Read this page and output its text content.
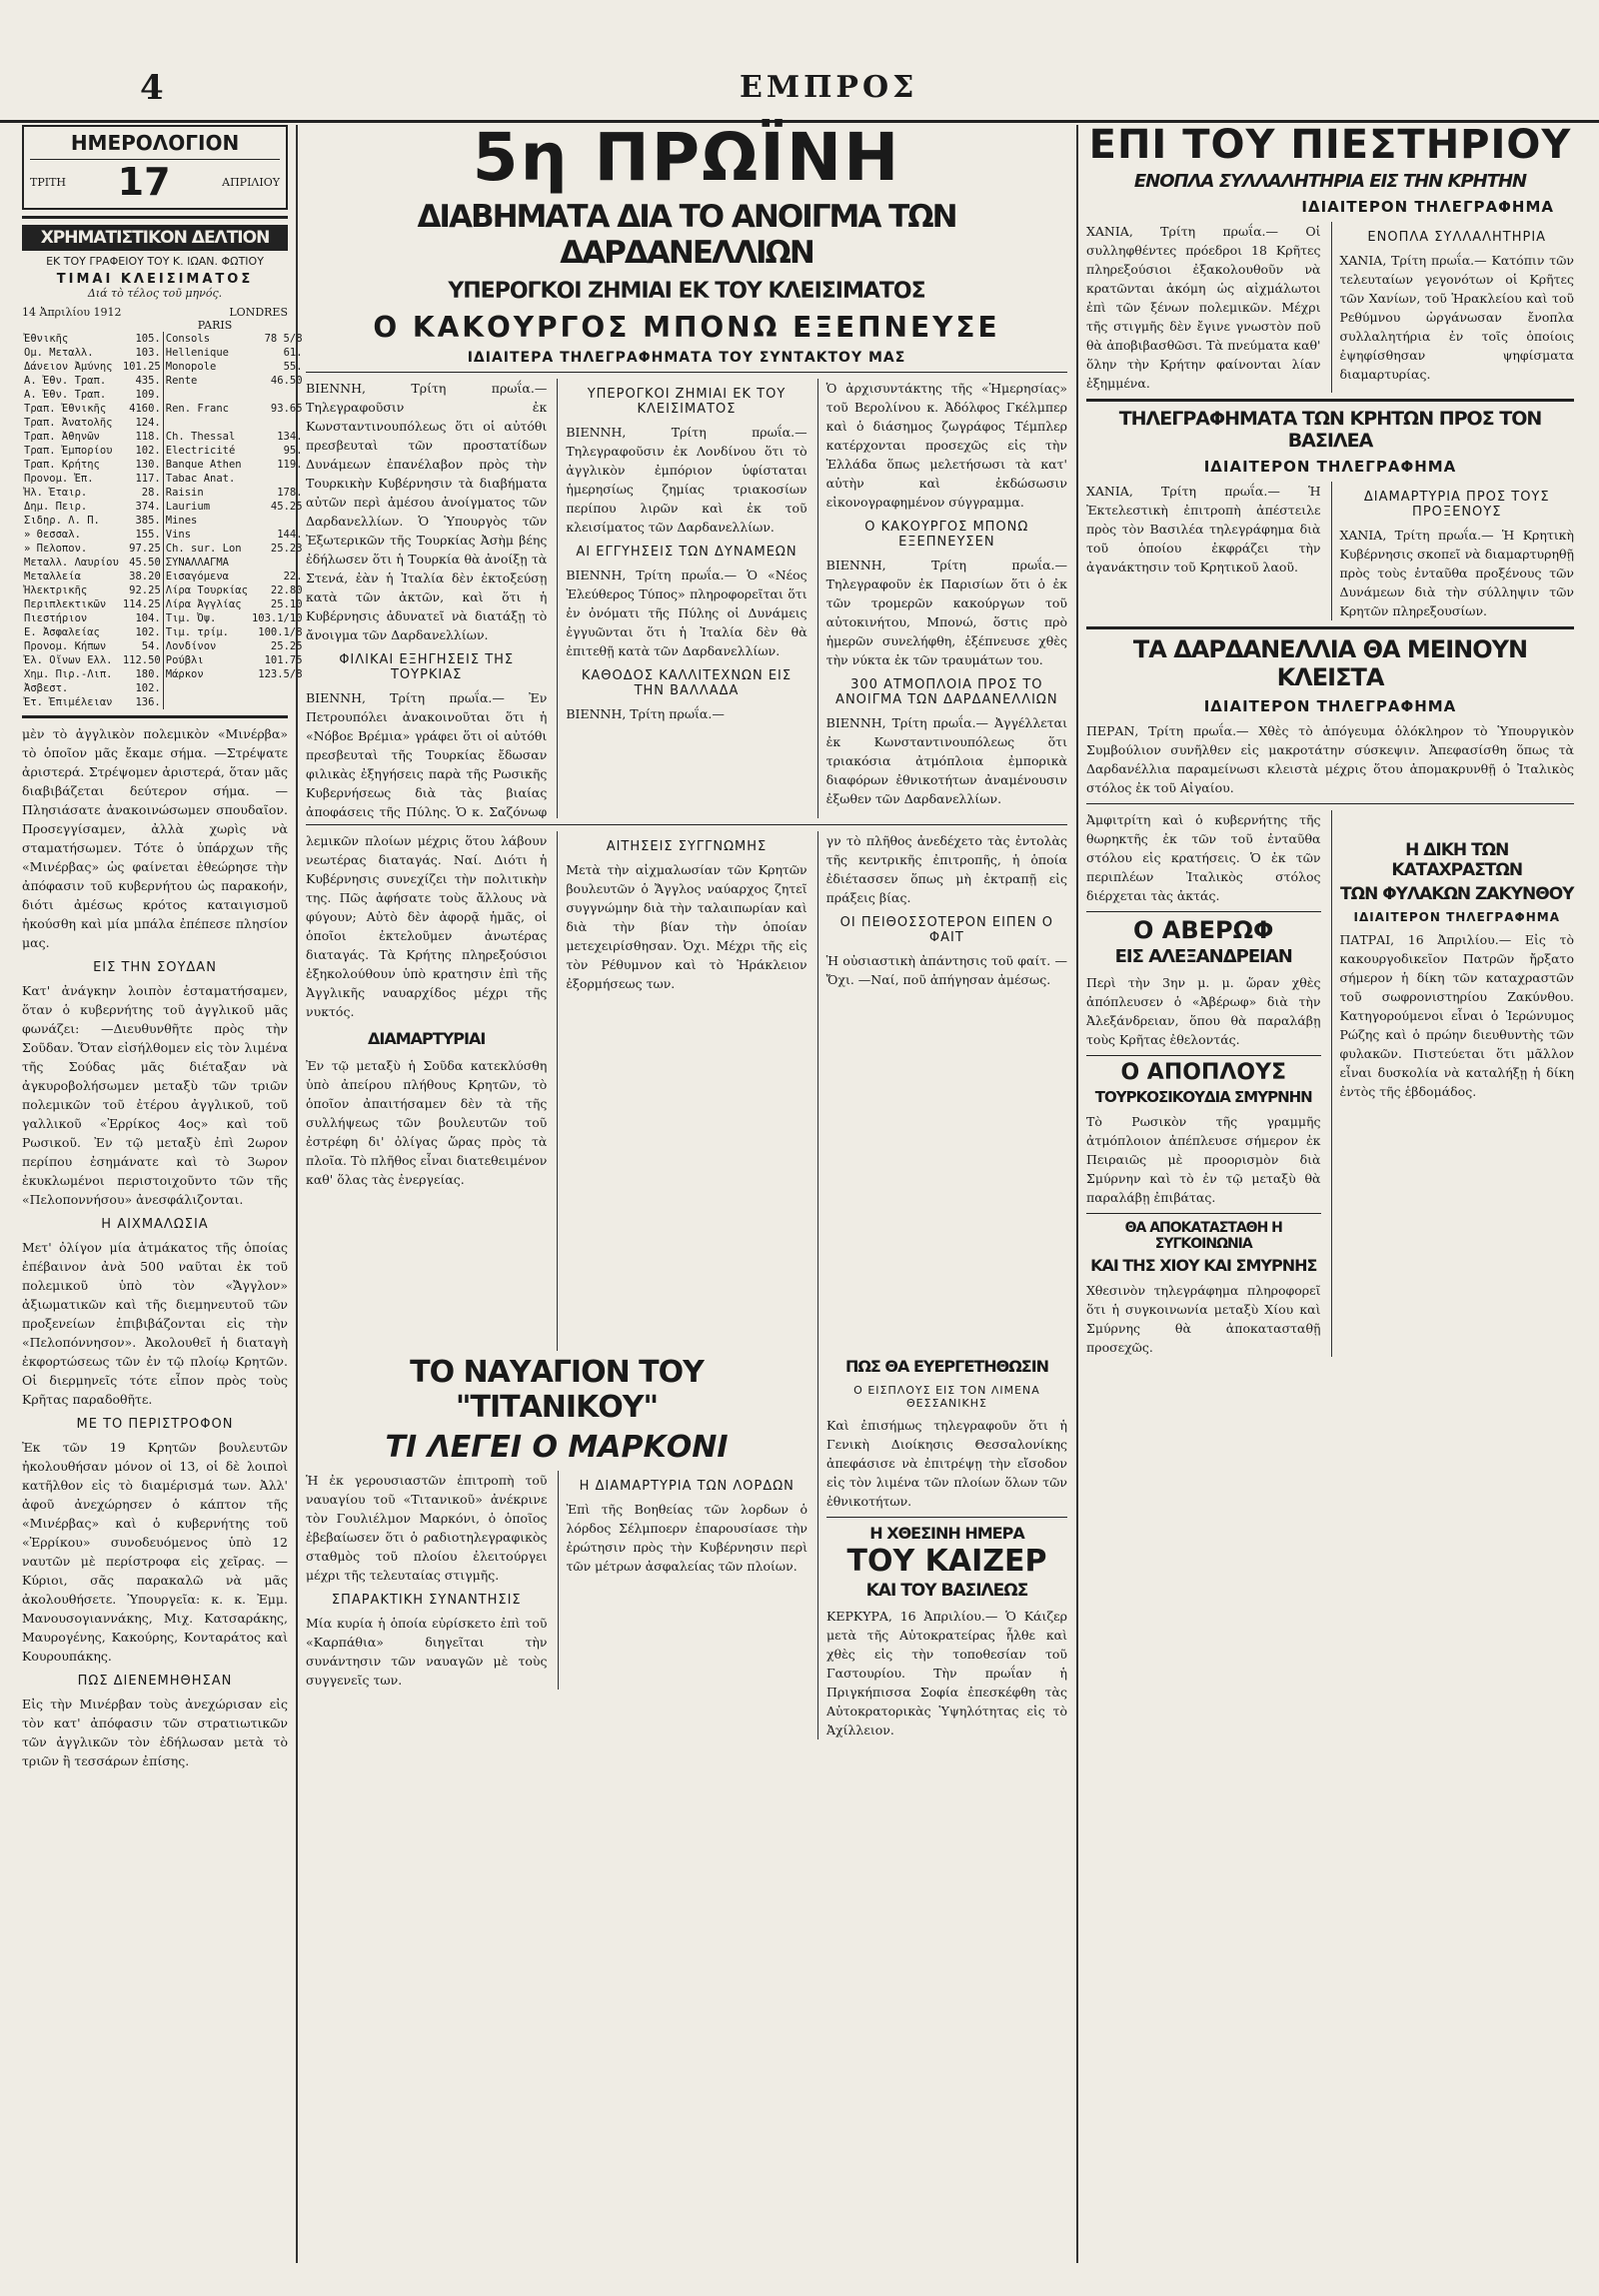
4	ΕΜΠΡΟΣ
ΗΜΕΡΟΛΟΓΙΟΝ
ΤΡΙΤΗ 17	ΑΠΡΙΛΙΟΥ
ΧΡΗΜΑΤΙΣΤΙΚΟΝ ΔΕΛΤΙΟΝ
ΕΚ ΤΟΥ ΓΡΑΦΕΙΟΥ ΤΟΥ Κ. ΙΩΑΝ. ΦΩΤΙΟΥ
ΤΙΜΑΙ ΚΛΕΙΣΙΜΑΤΟΣ
Διά τὸ τέλος τοῦ μηνός.
14 Ἀπριλίου 1912	LONDRES
PARIS
Ἐθνικῆς	105.	Consols	78 5/8
Ομ. Μεταλλ.	103.	Hellenique	61.
Δάνειον Ἀμύνης	101.25	Monopole	55.
Α. Ἐθν. Τραπ.	435.	Rente	46.50
Α. Ἐθν. Τραπ.	109.		
Τραπ. Ἐθνικῆς	4160.	Ren. Franc	93.65
Τραπ. Ἀνατολῆς	124.		
Τραπ. Ἀθηνῶν	118.	Ch. Thessal	134.
Τραπ. Ἐμπορίου	102.	Electricité	95.
Τραπ. Κρήτης	130.	Banque Athen	119.
Προνομ. Ἐπ.	117.	Tabac Anat.	
Ἠλ. Ἑταιρ.	28.	Raisin	178.
Δημ. Πειρ.	374.	Laurium	45.25
Σιδηρ. Λ. Π.	385.	Mines	
» Θεσσαλ.	155.	Vins	144.
» Πελοπον.	97.25	Ch. sur. Lon	25.23
Μεταλλ. Λαυρίου	45.50	ΣΥΝΑΛΛΑΓΜΑ	
Μεταλλεία	38.20	Εισαγόμενα	22.
Ἠλεκτρικῆς	92.25	Λίρα Τουρκίας	22.80
Περιπλεκτικῶν	114.25	Λίρα Ἀγγλίας	25.10
Πιεστήριον	104.	Τιμ. Ὀψ.	103.1/10
Ε. Ἀσφαλείας	102.	Τιμ. τρίμ.	100.1/8
Προνομ. Κήπων	54.	Λονδίνον	25.25
Ἐλ. Οἴνων Ελλ.	112.50	Ρούβλι	101.75
Χημ. Πιρ.-Λιπ.	180.	Μάρκον	123.5/8
Ἀσβεστ.	102.		
Ἐτ. Ἐπιμέλειαν	136.		

μὲν τὸ ἀγγλικὸν πολεμικὸν «Μινέρβα» τὸ ὁποῖον μᾶς ἔκαμε σήμα. —Στρέψατε ἀριστερά. Στρέψομεν ἀριστερά, ὅταν μᾶς διαβιβάζεται δεύτερον σήμα. —Πλησιάσατε ἀνακοινώσωμεν σπουδαῖον. Προσεγγίσαμεν, ἀλλὰ χωρὶς νὰ σταματήσωμεν. Τότε ὁ ὑπάρχων τῆς «Μινέρβας» ὡς φαίνεται ἐθεώρησε τὴν ἀπόφασιν τοῦ κυβερνήτου ὡς παρακοήν, διότι ἀμέσως κρότος καταιγισμοῦ ἠκούσθη καὶ μία μπάλα ἐπέπεσε πλησίον μας.

ΕΙΣ ΤΗΝ ΣΟΥΔΑΝ

Κατ' ἀνάγκην λοιπὸν ἐσταματήσαμεν, ὅταν ὁ κυβερνήτης τοῦ ἀγγλικοῦ μᾶς φωνάζει: —Διευθυνθῆτε πρὸς τὴν Σοῦδαν. Ὅταν εἰσήλθομεν εἰς τὸν λιμένα τῆς Σούδας μᾶς διέταξαν νὰ ἀγκυροβολήσωμεν μεταξὺ τῶν τριῶν πολεμικῶν τοῦ ἐτέρου ἀγγλικοῦ, τοῦ γαλλικοῦ «Ἐρρίκος 4ος» καὶ τοῦ Ρωσικοῦ. Ἐν τῷ μεταξὺ ἐπὶ 2ωρον περίπου ἐσημάνατε καὶ τὸ 3ωρον ἐκυκλωμένοι περιστοιχοῦντο τῶν τῆς «Πελοποννήσου» ἀνεσφάλιζονται.

Η ΑΙΧΜΑΛΩΣΙΑ

Μετ' ὀλίγον μία ἀτμάκατος τῆς ὁποίας ἐπέβαινον ἀνὰ 500 ναῦται ἐκ τοῦ πολεμικοῦ ὑπὸ τὸν «Ἄγγλον» ἀξιωματικῶν καὶ τῆς διεμηνευτοῦ τῶν προξενείων ἐπιβιβάζονται εἰς τὴν «Πελοπόννησον». Ἀκολουθεῖ ἡ διαταγὴ ἐκφορτώσεως τῶν ἐν τῷ πλοίῳ Κρητῶν. Οἱ διερμηνεῖς τότε εἶπον πρὸς τοὺς Κρῆτας παραδοθῆτε.

ΜΕ ΤΟ ΠΕΡΙΣΤΡΟΦΟΝ

Ἐκ τῶν 19 Κρητῶν βουλευτῶν ἠκολουθήσαν μόνον οἱ 13, οἱ δὲ λοιποὶ κατῆλθον εἰς τὸ διαμέρισμά των. Ἀλλ' ἀφοῦ ἀνεχώρησεν ὁ κάπτον τῆς «Μινέρβας» καὶ ὁ κυβερνήτης τοῦ «Ἐρρίκου» συνοδευόμενος ὑπὸ 12 ναυτῶν μὲ περίστροφα εἰς χεῖρας. —Κύριοι, σᾶς παρακαλῶ νὰ μᾶς ἀκολουθήσετε. Ὑπουργεῖα: κ. κ. Ἐμμ. Μανουσογιαννάκης, Μιχ. Κατσαράκης, Μαυρογένης, Κακούρης, Κονταράτος καὶ Κουρουπάκης.

ΠΩΣ ΔΙΕΝΕΜΗΘΗΣΑΝ

Εἰς τὴν Μινέρβαν τοὺς ἀνεχώρισαν εἰς τὸν κατ' ἀπόφασιν τῶν στρατιωτικῶν τῶν ἀγγλικῶν τὸν ἐδήλωσαν μετὰ τὸ τριῶν ἢ τεσσάρων ἐπίσης.

5η ΠΡΩΪΝΗ
ΔΙΑΒΗΜΑΤΑ ΔΙΑ ΤΟ ΑΝΟΙΓΜΑ ΤΩΝ ΔΑΡΔΑΝΕΛΛΙΩΝ
ΥΠΕΡΟΓΚΟΙ ΖΗΜΙΑΙ ΕΚ ΤΟΥ ΚΛΕΙΣΙΜΑΤΟΣ
Ο ΚΑΚΟΥΡΓΟΣ ΜΠΟΝΩ ΕΞΕΠΝΕΥΣΕ
ΙΔΙΑΙΤΕΡΑ ΤΗΛΕΓΡΑΦΗΜΑΤΑ ΤΟΥ ΣΥΝΤΑΚΤΟΥ ΜΑΣ

ΒΙΕΝΝΗ, Τρίτη πρωΐα.— Τηλεγραφοῦσιν ἐκ Κωνσταντινουπόλεως ὅτι οἱ αὐτόθι πρεσβευταὶ τῶν προστατίδων Δυνάμεων ἐπανέλαβον πρὸς τὴν Τουρκικὴν Κυβέρνησιν τὰ διαβήματα αὐτῶν περὶ ἀμέσου ἀνοίγματος τῶν Δαρδανελλίων. Ὁ Ὑπουργὸς τῶν Ἐξωτερικῶν τῆς Τουρκίας Ἀσὴμ βέης ἐδήλωσεν ὅτι ἡ Τουρκία θὰ ἀνοίξῃ τὰ Στενά, ἐὰν ἡ Ἰταλία δὲν ἐκτοξεύσῃ κατὰ τῶν ἀκτῶν, καὶ ὅτι ἡ Κυβέρνησις ἀδυνατεῖ νὰ διατάξῃ τὸ ἄνοιγμα τῶν Δαρδανελλίων.

ΦΙΛΙΚΑΙ ΕΞΗΓΗΣΕΙΣ ΤΗΣ ΤΟΥΡΚΙΑΣ

ΒΙΕΝΝΗ, Τρίτη πρωΐα.— Ἐν Πετρουπόλει ἀνακοινοῦται ὅτι ἡ «Νόβοε Βρέμια» γράφει ὅτι οἱ αὐτόθι πρεσβευταὶ τῆς Τουρκίας ἔδωσαν φιλικὰς ἐξηγήσεις παρὰ τῆς Ρωσικῆς Κυβερνήσεως διὰ τὰς βιαίας ἀποφάσεις τῆς Πύλης. Ὁ κ. Σαζόνωφ

ΥΠΕΡΟΓΚΟΙ ΖΗΜΙΑΙ ΕΚ ΤΟΥ ΚΛΕΙΣΙΜΑΤΟΣ

ΒΙΕΝΝΗ, Τρίτη πρωΐα.— Τηλεγραφοῦσιν ἐκ Λονδίνου ὅτι τὸ ἀγγλικὸν ἐμπόριον ὑφίσταται ἡμερησίως ζημίας τριακοσίων περίπου λιρῶν καὶ ἐκ τοῦ κλεισίματος τῶν Δαρδανελλίων.

ΑΙ ΕΓΓΥΗΣΕΙΣ ΤΩΝ ΔΥΝΑΜΕΩΝ

ΒΙΕΝΝΗ, Τρίτη πρωΐα.— Ὁ «Νέος Ἐλεύθερος Τύπος» πληροφορεῖται ὅτι ἐν ὀνόματι τῆς Πύλης οἱ Δυνάμεις ἐγγυῶνται ὅτι ἡ Ἰταλία δὲν θὰ ἐπιτεθῇ κατὰ τῶν Δαρδανελλίων.

ΚΑΘΟΔΟΣ ΚΑΛΛΙΤΕΧΝΩΝ ΕΙΣ ΤΗΝ ΒΑΛΛΑΔΑ

ΒΙΕΝΝΗ, Τρίτη πρωΐα.—

Ὁ ἀρχισυντάκτης τῆς «Ἡμερησίας» τοῦ Βερολίνου κ. Ἀδόλφος Γκέλμπερ καὶ ὁ διάσημος ζωγράφος Τέμπλερ κατέρχονται προσεχῶς εἰς τὴν Ἑλλάδα ὅπως μελετήσωσι τὰ κατ' αὐτὴν καὶ ἐκδώσωσιν εἰκονογραφημένον σύγγραμμα.

Ο ΚΑΚΟΥΡΓΟΣ ΜΠΟΝΩ ΕΞΕΠΝΕΥΣΕΝ

ΒΙΕΝΝΗ, Τρίτη πρωΐα.— Τηλεγραφοῦν ἐκ Παρισίων ὅτι ὁ ἐκ τῶν τρομερῶν κακούργων τοῦ αὐτοκινήτου, Μπονώ, ὅστις πρὸ ἡμερῶν συνελήφθη, ἐξέπνευσε χθὲς τὴν νύκτα ἐκ τῶν τραυμάτων του.

300 ΑΤΜΟΠΛΟΙΑ ΠΡΟΣ ΤΟ ΑΝΟΙΓΜΑ ΤΩΝ ΔΑΡΔΑΝΕΛΛΙΩΝ

ΒΙΕΝΝΗ, Τρίτη πρωΐα.— Ἀγγέλλεται ἐκ Κωνσταντινουπόλεως ὅτι τριακόσια ἀτμόπλοια ἐμπορικὰ διαφόρων ἐθνικοτήτων ἀναμένουσιν ἐξωθεν τῶν Δαρδανελλίων.

λεμικῶν πλοίων μέχρις ὅτου λάβουν νεωτέρας διαταγάς. Ναί. Διότι ἡ Κυβέρνησις συνεχίζει τὴν πολιτικὴν της. Πῶς ἀφήσατε τοὺς ἄλλους νὰ φύγουν; Αὐτὸ δὲν ἀφορᾷ ἡμᾶς, οἱ ὁποῖοι ἐκτελοῦμεν ἀνωτέρας διαταγάς. Τὰ Κρήτης πληρεξούσιοι ἐξηκολούθουν ὑπὸ κρατησιν ἐπὶ τῆς Ἀγγλικῆς ναυαρχίδος μέχρι τῆς νυκτός.

ΔΙΑΜΑΡΤΥΡΙΑΙ

Ἐν τῷ μεταξὺ ἡ Σοῦδα κατεκλύσθη ὑπὸ ἀπείρου πλήθους Κρητῶν, τὸ ὁποῖον ἀπαιτήσαμεν δὲν τὰ τῆς συλλήψεως τῶν βουλευτῶν τοῦ ἐστρέφη δι' ὀλίγας ὥρας πρὸς τὰ πλοῖα. Τὸ πλῆθος εἶναι διατεθειμένον καθ' ὅλας τὰς ἐνεργείας.

ΑΙΤΗΣΕΙΣ ΣΥΓΓΝΩΜΗΣ

Μετὰ τὴν αἰχμαλωσίαν τῶν Κρητῶν βουλευτῶν ὁ Ἄγγλος ναύαρχος ζητεῖ συγγνώμην διὰ τὴν ταλαιπωρίαν καὶ διὰ τὴν βίαν τὴν ὁποίαν μετεχειρίσθησαν. Ὀχι. Μέχρι τῆς εἰς τὸν Ρέθυμνον καὶ τὸ Ἡράκλειον ἐξορμήσεως των.

γν τὸ πλῆθος ἀνεδέχετο τὰς ἐντολὰς τῆς κεντρικῆς ἐπιτροπῆς, ἡ ὁποία ἐδιέτασσεν ὅπως μὴ ἐκτραπῇ εἰς πράξεις βίας.

ΟΙ ΠΕΙΘΟΣΣΟΤΕΡΟΝ ΕΙΠΕΝ Ο ΦΑΙΤ

Ἡ οὐσιαστικὴ ἀπάντησις τοῦ φαίτ. —Ὄχι. —Ναί, ποῦ ἀπήγησαν ἀμέσως.

ΤΟ ΝΑΥΑΓΙΟΝ ΤΟΥ "ΤΙΤΑΝΙΚΟΥ"
ΤΙ ΛΕΓΕΙ Ο ΜΑΡΚΟΝΙ

Ἡ ἐκ γερουσιαστῶν ἐπιτροπὴ τοῦ ναυαγίου τοῦ «Τιτανικοῦ» ἀνέκρινε τὸν Γουλιέλμον Μαρκόνι, ὁ ὁποῖος ἐβεβαίωσεν ὅτι ὁ ραδιοτηλεγραφικὸς σταθμὸς τοῦ πλοίου ἐλειτούργει μέχρι τῆς τελευταίας στιγμῆς.

ΣΠΑΡΑΚΤΙΚΗ ΣΥΝΑΝΤΗΣΙΣ

Μία κυρία ἡ ὁποία εὑρίσκετο ἐπὶ τοῦ «Καρπάθια» διηγεῖται τὴν συνάντησιν τῶν ναυαγῶν μὲ τοὺς συγγενεῖς των.

Η ΔΙΑΜΑΡΤΥΡΙΑ ΤΩΝ ΛΟΡΔΩΝ

Ἐπὶ τῆς Βοηθείας τῶν λορδων ὁ λόρδος Σέλμποερν ἐπαρουσίασε τὴν ἐρώτησιν πρὸς τὴν Κυβέρνησιν περὶ τῶν μέτρων ἀσφαλείας τῶν πλοίων.

ΠΩΣ ΘΑ ΕΥΕΡΓΕΤΗΘΩΣΙΝ
Ο ΕΙΣΠΛΟΥΣ ΕΙΣ ΤΟΝ ΛΙΜΕΝΑ ΘΕΣΣΑΝΙΚΗΣ

Καὶ ἐπισήμως τηλεγραφοῦν ὅτι ἡ Γενικὴ Διοίκησις Θεσσαλονίκης ἀπεφάσισε νὰ ἐπιτρέψῃ τὴν εἴσοδον εἰς τὸν λιμένα τῶν πλοίων ὅλων τῶν ἐθνικοτήτων.

Η ΧΘΕΣΙΝΗ ΗΜΕΡΑ
ΤΟΥ ΚΑΙΖΕΡ
ΚΑΙ ΤΟΥ ΒΑΣΙΛΕΩΣ

ΚΕΡΚΥΡΑ, 16 Ἀπριλίου.— Ὁ Κάιζερ μετὰ τῆς Αὐτοκρατείρας ἦλθε καὶ χθὲς εἰς τὴν τοποθεσίαν τοῦ Γαστουρίου. Τὴν πρωΐαν ἡ Πριγκήπισσα Σοφία ἐπεσκέφθη τὰς Αὐτοκρατορικὰς Ὑψηλότητας εἰς τὸ Ἀχίλλειον.

ΕΠΙ ΤΟΥ ΠΙΕΣΤΗΡΙΟΥ
ΕΝΟΠΛΑ ΣΥΛΛΑΛΗΤΗΡΙΑ ΕΙΣ ΤΗΝ ΚΡΗΤΗΝ
ΙΔΙΑΙΤΕΡΟΝ ΤΗΛΕΓΡΑΦΗΜΑ

ΧΑΝΙΑ, Τρίτη πρωΐα.— Οἱ συλληφθέντες πρόεδροι 18 Κρῆτες πληρεξούσιοι ἐξακολουθοῦν νὰ κρατῶνται ἀκόμη ὡς αἰχμάλωτοι ἐπὶ τῶν ξένων πολεμικῶν. Μέχρι τῆς στιγμῆς δὲν ἔγινε γνωστὸν ποῦ θὰ ἀποβιβασθῶσι. Τὰ πνεύματα καθ' ὅλην τὴν Κρήτην φαίνονται λίαν ἐξημμένα.

ΕΝΟΠΛΑ ΣΥΛΛΑΛΗΤΗΡΙΑ

ΧΑΝΙΑ, Τρίτη πρωΐα.— Κατόπιν τῶν τελευταίων γεγονότων οἱ Κρῆτες τῶν Χανίων, τοῦ Ἡρακλείου καὶ τοῦ Ρεθύμνου ὠργάνωσαν ἔνοπλα συλλαλητήρια ἐν τοῖς ὁποίοις ἐψηφίσθησαν ψηφίσματα διαμαρτυρίας.

ΤΗΛΕΓΡΑΦΗΜΑΤΑ ΤΩΝ ΚΡΗΤΩΝ ΠΡΟΣ ΤΟΝ ΒΑΣΙΛΕΑ
ΙΔΙΑΙΤΕΡΟΝ ΤΗΛΕΓΡΑΦΗΜΑ

ΧΑΝΙΑ, Τρίτη πρωΐα.— Ἡ Ἐκτελεστικὴ ἐπιτροπὴ ἀπέστειλε πρὸς τὸν Βασιλέα τηλεγράφημα διὰ τοῦ ὁποίου ἐκφράζει τὴν ἀγανάκτησιν τοῦ Κρητικοῦ λαοῦ.

ΔΙΑΜΑΡΤΥΡΙΑ ΠΡΟΣ ΤΟΥΣ ΠΡΟΞΕΝΟΥΣ

ΧΑΝΙΑ, Τρίτη πρωΐα.— Ἡ Κρητικὴ Κυβέρνησις σκοπεῖ νὰ διαμαρτυρηθῇ πρὸς τοὺς ἐνταῦθα προξένους τῶν Δυνάμεων διὰ τὴν σύλληψιν τῶν Κρητῶν πληρεξουσίων.

ΤΑ ΔΑΡΔΑΝΕΛΛΙΑ ΘΑ ΜΕΙΝΟΥΝ ΚΛΕΙΣΤΑ
ΙΔΙΑΙΤΕΡΟΝ ΤΗΛΕΓΡΑΦΗΜΑ

ΠΕΡΑΝ, Τρίτη πρωΐα.— Χθὲς τὸ ἀπόγευμα ὁλόκληρον τὸ Ὑπουργικὸν Συμβούλιον συνῆλθεν εἰς μακροτάτην σύσκεψιν. Ἀπεφασίσθη ὅπως τὰ Δαρδανέλλια παραμείνωσι κλειστὰ μέχρις ὅτου ἀπομακρυνθῇ ὁ Ἰταλικὸς στόλος ἐκ τοῦ Αἰγαίου.

Ἀμφιτρίτη καὶ ὁ κυβερνήτης τῆς θωρηκτῆς ἐκ τῶν τοῦ ἐνταῦθα στόλου εἰς κρατήσεις. Ὁ ἐκ τῶν περιπλέων Ἰταλικὸς στόλος διέρχεται τὰς ἀκτάς.

Ο ΑΒΕΡΩΦ
ΕΙΣ ΑΛΕΞΑΝΔΡΕΙΑΝ

Περὶ τὴν 3ην μ. μ. ὥραν χθὲς ἀπόπλευσεν ὁ «Ἀβέρωφ» διὰ τὴν Ἀλεξάνδρειαν, ὅπου θὰ παραλάβῃ τοὺς Κρῆτας ἐθελοντάς.

Ο ΑΠΟΠΛΟΥΣ
ΤΟΥΡΚΟΣΙΚΟΥΔΙΑ ΣΜΥΡΝΗΝ

Τὸ Ρωσικὸν τῆς γραμμῆς ἀτμόπλοιον ἀπέπλευσε σήμερον ἐκ Πειραιῶς μὲ προορισμὸν διὰ Σμύρνην καὶ τὸ ἐν τῷ μεταξὺ θὰ παραλάβῃ ἐπιβάτας.

ΘΑ ΑΠΟΚΑΤΑΣΤΑΘΗ Η ΣΥΓΚΟΙΝΩΝΙΑ
ΚΑΙ ΤΗΣ ΧΙΟΥ ΚΑΙ ΣΜΥΡΝΗΣ

Χθεσινὸν τηλεγράφημα πληροφορεῖ ὅτι ἡ συγκοινωνία μεταξὺ Χίου καὶ Σμύρνης θὰ ἀποκατασταθῇ προσεχῶς.

Η ΔΙΚΗ ΤΩΝ ΚΑΤΑΧΡΑΣΤΩΝ
ΤΩΝ ΦΥΛΑΚΩΝ ΖΑΚΥΝΘΟΥ
ΙΔΙΑΙΤΕΡΟΝ ΤΗΛΕΓΡΑΦΗΜΑ

ΠΑΤΡΑΙ, 16 Ἀπριλίου.— Εἰς τὸ κακουργοδικεῖον Πατρῶν ἤρξατο σήμερον ἡ δίκη τῶν καταχραστῶν τοῦ σωφρονιστηρίου Ζακύνθου. Κατηγορούμενοι εἶναι ὁ Ἱερώνυμος Ρώζης καὶ ὁ πρώην διευθυντὴς τῶν φυλακῶν. Πιστεύεται ὅτι μᾶλλον εἶναι δυσκολία νὰ καταλήξῃ ἡ δίκη ἐντὸς τῆς ἑβδομάδος.
